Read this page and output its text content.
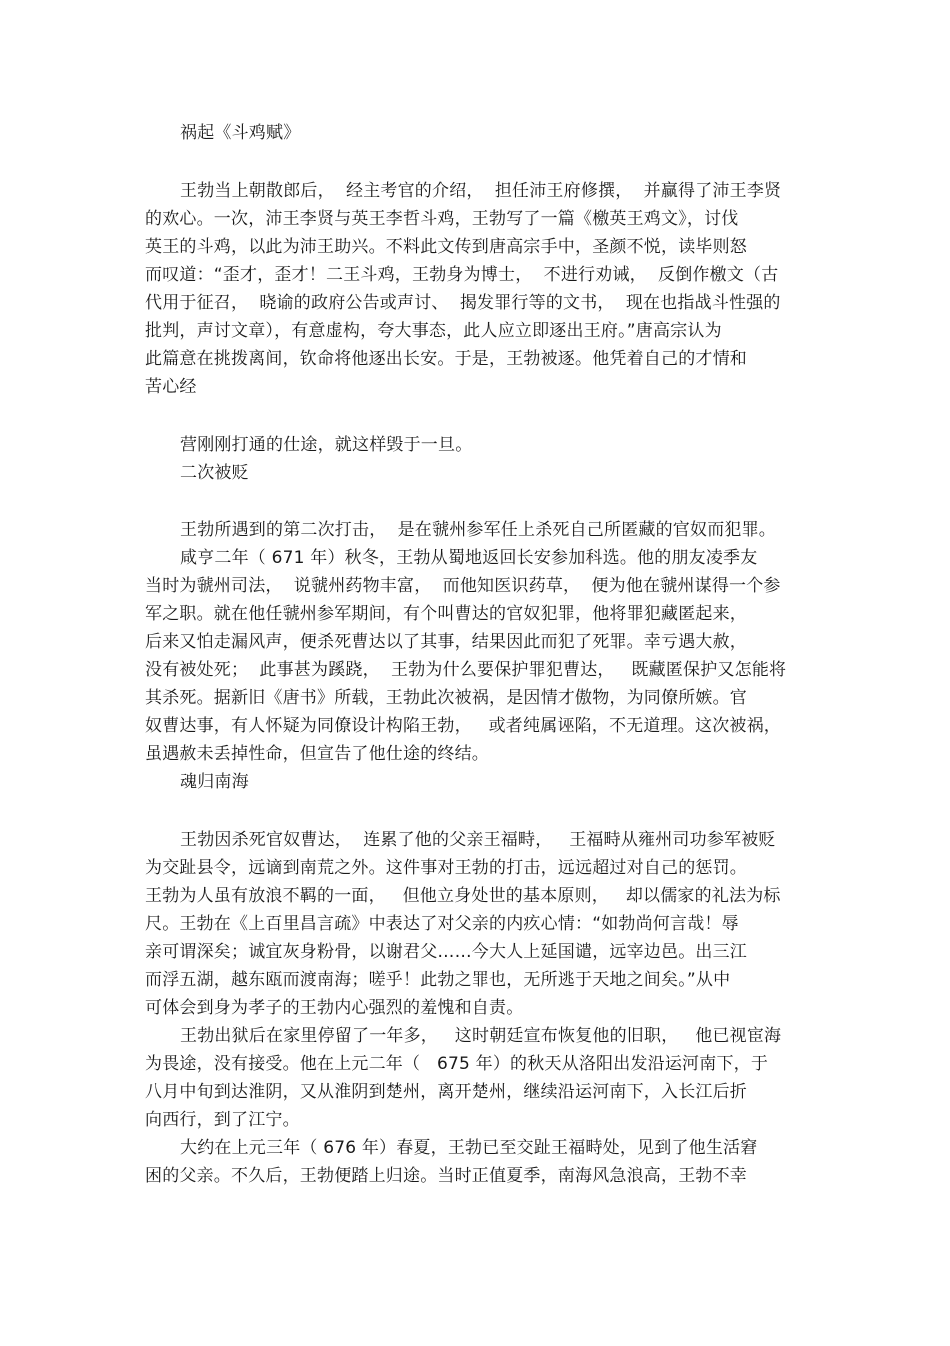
祸起《斗鸡赋》
王勃当上朝散郎后，  经主考官的介绍，  担任沛王府修撰，  并赢得了沛王李贤
的欢心。一次，沛王李贤与英王李哲斗鸡，王勃写了一篇《檄英王鸡文》，讨伐
英王的斗鸡，以此为沛王助兴。不料此文传到唐高宗手中，圣颜不悦，读毕则怒
而叹道：“歪才，歪才！二王斗鸡，王勃身为博士，  不进行劝诫，  反倒作檄文（古
代用于征召，  晓谕的政府公告或声讨、  揭发罪行等的文书，  现在也指战斗性强的
批判，声讨文章），有意虚构，夸大事态，此人应立即逐出王府。”唐高宗认为
此篇意在挑拨离间，钦命将他逐出长安。于是，王勃被逐。他凭着自己的才情和
苦心经
营刚刚打通的仕途，就这样毁于一旦。
二次被贬
王勃所遇到的第二次打击，  是在虢州参军任上杀死自己所匿藏的官奴而犯罪。
咸亨二年（ 671 年）秋冬，王勃从蜀地返回长安参加科选。他的朋友凌季友
当时为虢州司法，  说虢州药物丰富，  而他知医识药草，  便为他在虢州谋得一个参
军之职。就在他任虢州参军期间，有个叫曹达的官奴犯罪，他将罪犯藏匿起来，
后来又怕走漏风声，便杀死曹达以了其事，结果因此而犯了死罪。幸亏遇大赦，
没有被处死；  此事甚为蹊跷，  王勃为什么要保护罪犯曹达，   既藏匿保护又怎能将
其杀死。据新旧《唐书》所载，王勃此次被祸，是因情才傲物，为同僚所嫉。官
奴曹达事，有人怀疑为同僚设计构陷王勃，   或者纯属诬陷，不无道理。这次被祸，
虽遇赦未丢掉性命，但宣告了他仕途的终结。
魂归南海
王勃因杀死官奴曹达，  连累了他的父亲王福畤，   王福畤从雍州司功参军被贬
为交趾县令，远谪到南荒之外。这件事对王勃的打击，远远超过对自己的惩罚。
王勃为人虽有放浪不羁的一面，   但他立身处世的基本原则，   却以儒家的礼法为标
尺。王勃在《上百里昌言疏》中表达了对父亲的内疚心情：“如勃尚何言哉！辱
亲可谓深矣；诚宜灰身粉骨，以谢君父……今大人上延国谴，远宰边邑。出三江
而浮五湖，越东瓯而渡南海；嗟乎！此勃之罪也，无所逃于天地之间矣。”从中
可体会到身为孝子的王勃内心强烈的羞愧和自责。
王勃出狱后在家里停留了一年多，   这时朝廷宣布恢复他的旧职，   他已视宦海
为畏途，没有接受。他在上元二年（   675 年）的秋天从洛阳出发沿运河南下，于
八月中旬到达淮阴，又从淮阴到楚州，离开楚州，继续沿运河南下，入长江后折
向西行，到了江宁。
大约在上元三年（ 676 年）春夏，王勃已至交趾王福畤处，见到了他生活窘
困的父亲。不久后，王勃便踏上归途。当时正值夏季，南海风急浪高，王勃不幸
